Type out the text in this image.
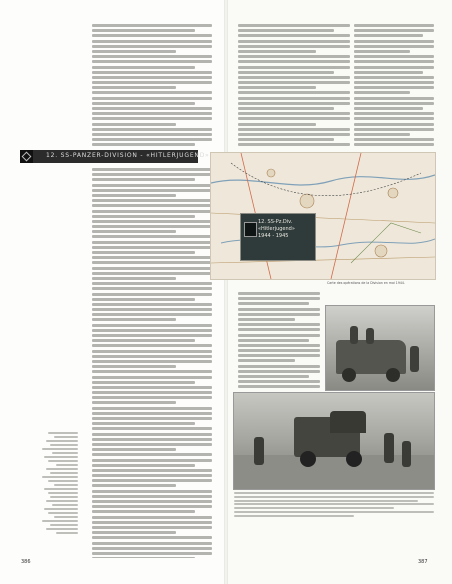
12. SS-PANZER-DIVISION - «HITLERJUGEND»
386
12. SS-Pz.Div.
«Hitlerjugend»
1944 - 1945
Carte des opérations de la Division en mai 1944.
387
